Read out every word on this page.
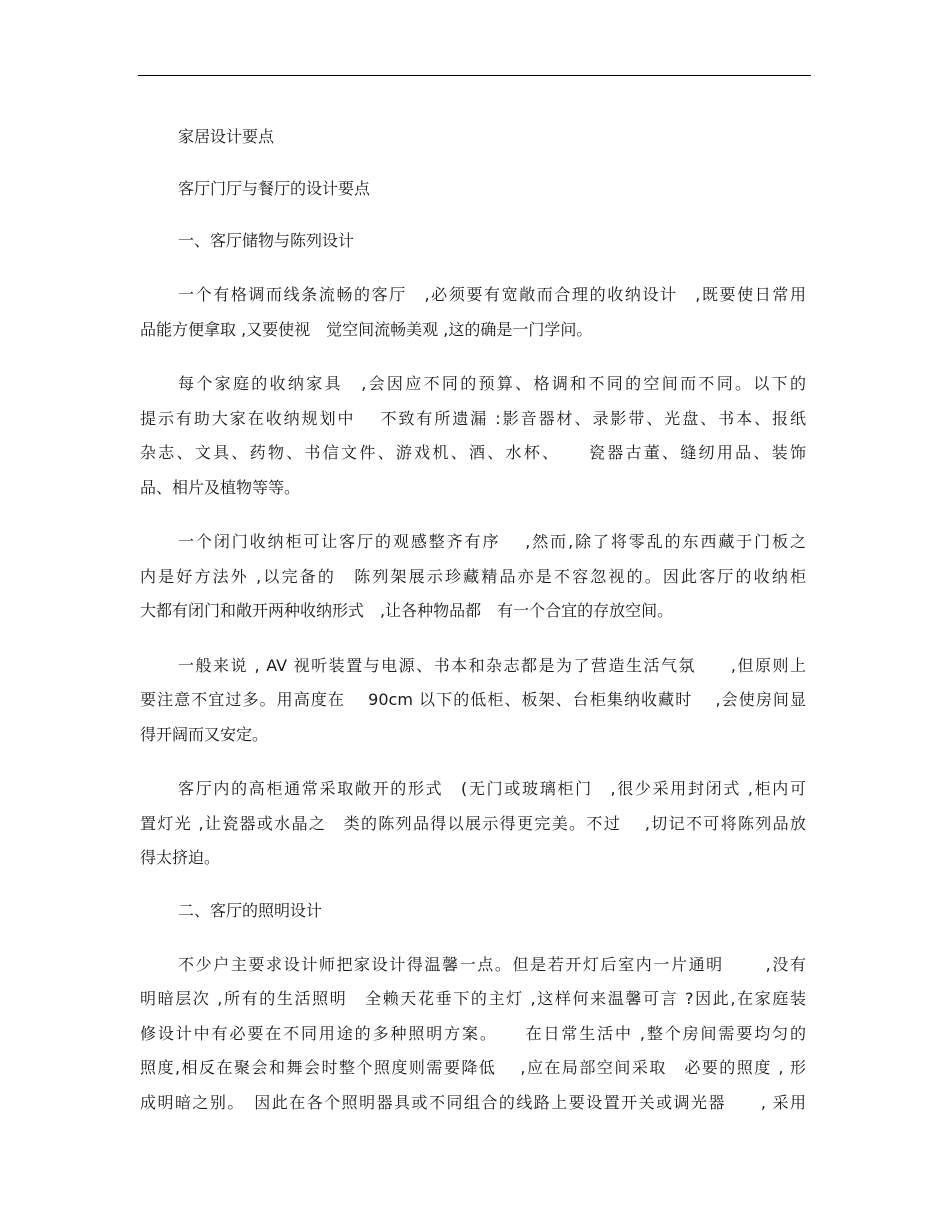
家居设计要点
客厅门厅与餐厅的设计要点
一、客厅储物与陈列设计
一个有格调而线条流畅的客厅　,必须要有宽敞而合理的收纳设计　,既要使日常用
品能方便拿取 ,又要使视　觉空间流畅美观 ,这的确是一门学问。
每个家庭的收纳家具　,会因应不同的预算、格调和不同的空间而不同。以下的
提示有助大家在收纳规划中　 不致有所遗漏 :影音器材、录影带、光盘、书本、报纸
杂志、文具、药物、书信文件、游戏机、酒、水杯、　　瓷器古董、缝纫用品、装饰
品、相片及植物等等。
一个闭门收纳柜可让客厅的观感整齐有序　 ,然而,除了将零乱的东西藏于门板之
内是好方法外 ,以完备的　陈列架展示珍藏精品亦是不容忽视的。因此客厅的收纳柜
大都有闭门和敞开两种收纳形式　,让各种物品都　有一个合宜的存放空间。
一般来说 , AV 视听装置与电源、书本和杂志都是为了营造生活气氛　　,但原则上
要注意不宜过多。用高度在　 90cm 以下的低柜、板架、台柜集纳收藏时　 ,会使房间显
得开阔而又安定。
客厅内的高柜通常采取敞开的形式　(无门或玻璃柜门　,很少采用封闭式 ,柜内可
置灯光 ,让瓷器或水晶之　类的陈列品得以展示得更完美。不过　 ,切记不可将陈列品放
得太挤迫。
二、客厅的照明设计
不少户主要求设计师把家设计得温馨一点。但是若开灯后室内一片通明　　 ,没有
明暗层次 ,所有的生活照明　全赖天花垂下的主灯 ,这样何来温馨可言 ?因此,在家庭装
修设计中有必要在不同用途的多种照明方案。　　在日常生活中 ,整个房间需要均匀的
照度,相反在聚会和舞会时整个照度则需要降低　 ,应在局部空间采取　必要的照度 , 形
成明暗之别。　因此在各个照明器具或不同组合的线路上要设置开关或调光器　　, 采用
